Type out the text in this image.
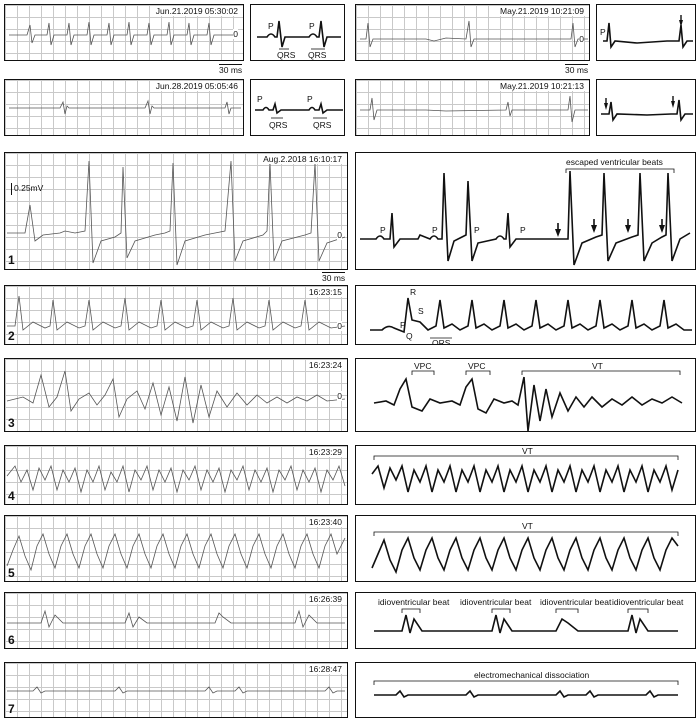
Jun.21.2019 05:30:02
0
30 ms
Jun.28.2019 05:05:46
P
QRS
P
QRS
P
QRS
P
QRS
May.21.2019 10:21:09
0
30 ms
May.21.2019 10:21:13
P
Aug.2.2018 16:10:17
0
0.25mV
1
30 ms
16:23:15
0
2
16:23:24
0
3
16:23:29
4
16:23:40
5
16:26:39
6
16:28:47
7
escaped ventricular beats
P	P	P	P
P
Q
R
S
QRS
VPC	VPC	VT
VT
VT
idioventricular beat idioventricular beat idioventricular beat idioventricular beat
electromechanical dissociation
